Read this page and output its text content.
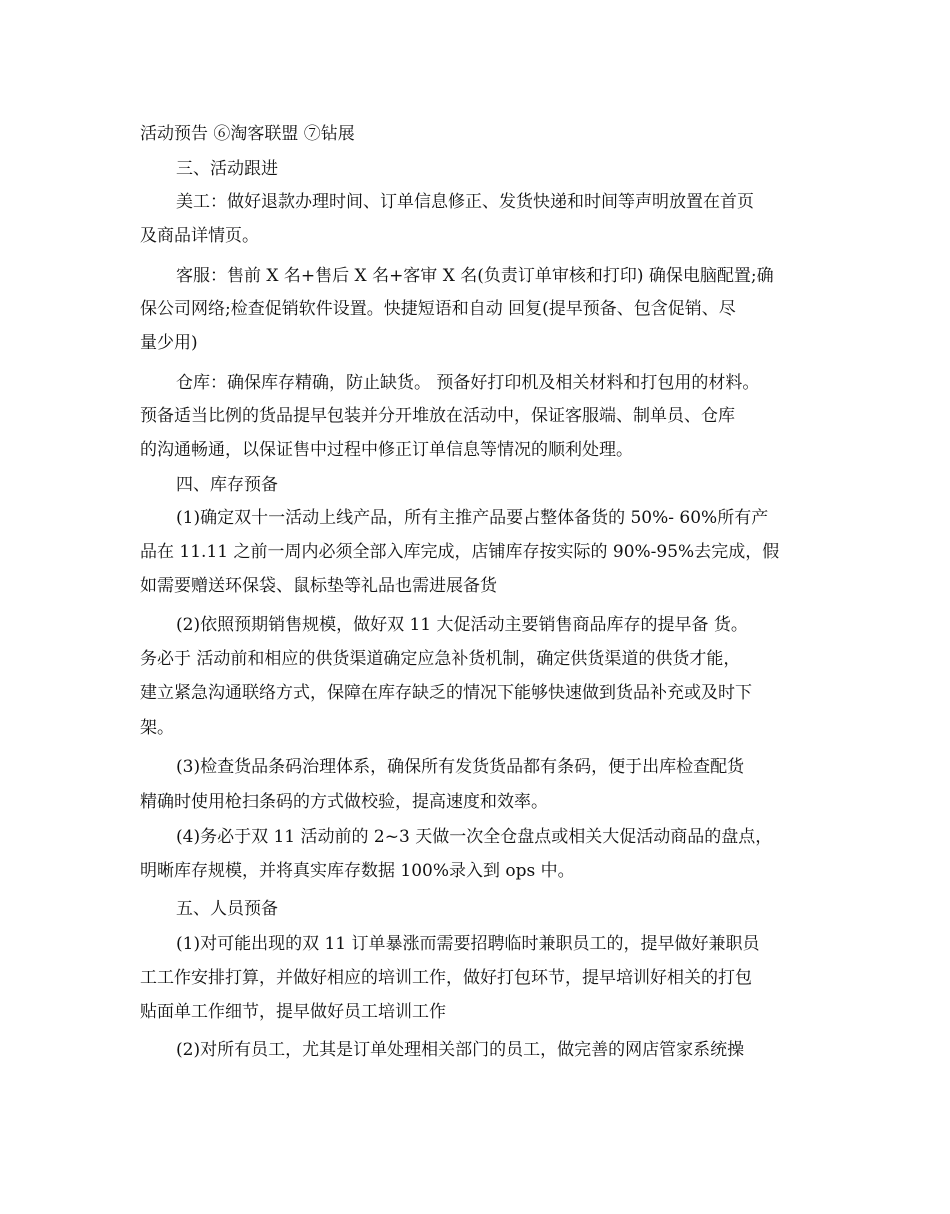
活动预告 ⑥淘客联盟 ⑦钻展
三、活动跟进
美工：做好退款办理时间、订单信息修正、发货快递和时间等声明放置在首页
及商品详情页。
客服：售前 X 名+售后 X 名+客审 X 名(负责订单审核和打印) 确保电脑配置;确
保公司网络;检查促销软件设置。快捷短语和自动 回复(提早预备、包含促销、尽
量少用)
仓库：确保库存精确，防止缺货。 预备好打印机及相关材料和打包用的材料。
预备适当比例的货品提早包装并分开堆放在活动中，保证客服端、制单员、仓库
的沟通畅通，以保证售中过程中修正订单信息等情况的顺利处理。
四、库存预备
(1)确定双十一活动上线产品，所有主推产品要占整体备货的 50%- 60%所有产
品在 11.11 之前一周内必须全部入库完成，店铺库存按实际的 90%-95%去完成，假
如需要赠送环保袋、鼠标垫等礼品也需进展备货
(2)依照预期销售规模，做好双 11 大促活动主要销售商品库存的提早备 货。
务必于 活动前和相应的供货渠道确定应急补货机制，确定供货渠道的供货才能，
建立紧急沟通联络方式，保障在库存缺乏的情况下能够快速做到货品补充或及时下
架。
(3)检查货品条码治理体系，确保所有发货货品都有条码，便于出库检查配货
精确时使用枪扫条码的方式做校验，提高速度和效率。
(4)务必于双 11 活动前的 2~3 天做一次全仓盘点或相关大促活动商品的盘点，
明晰库存规模，并将真实库存数据 100%录入到 ops 中。
五、人员预备
(1)对可能出现的双 11 订单暴涨而需要招聘临时兼职员工的，提早做好兼职员
工工作安排打算，并做好相应的培训工作，做好打包环节，提早培训好相关的打包
贴面单工作细节，提早做好员工培训工作
(2)对所有员工，尤其是订单处理相关部门的员工，做完善的网店管家系统操
